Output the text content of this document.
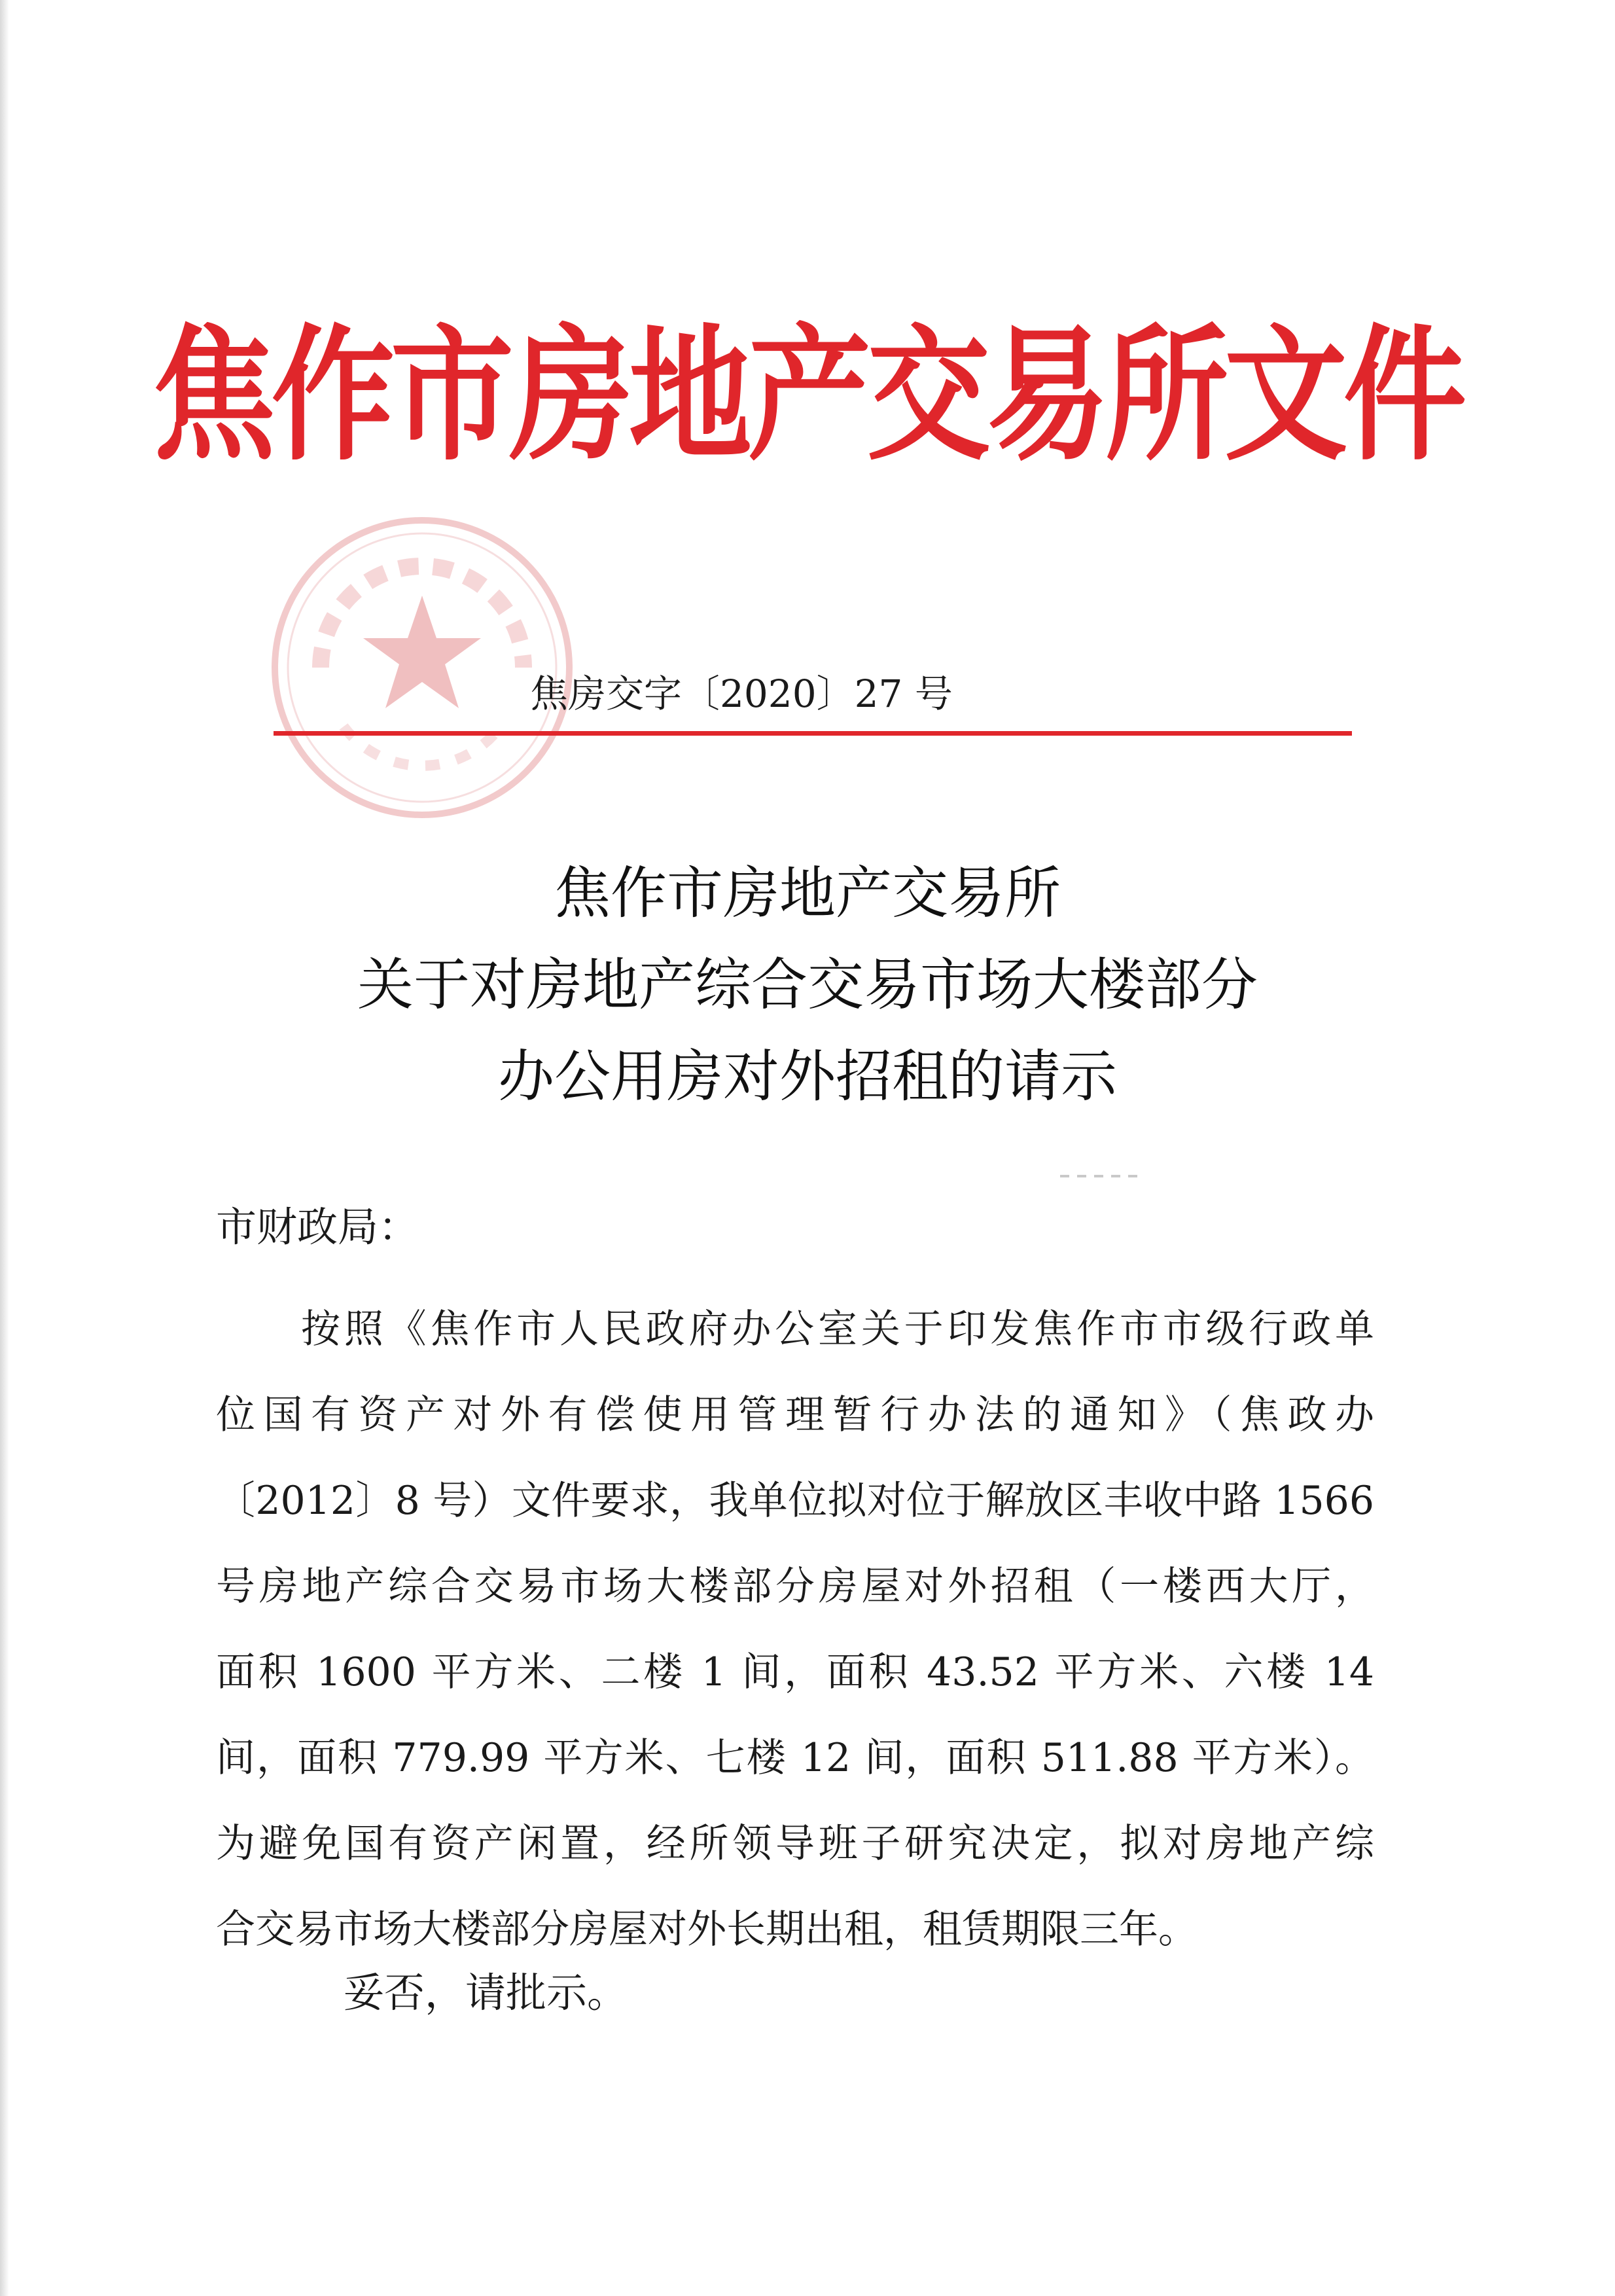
焦作市房地产交易所文件
焦房交字〔2020〕27 号
焦作市房地产交易所
关于对房地产综合交易市场大楼部分
办公用房对外招租的请示
市财政局：
按照《焦作市人民政府办公室关于印发焦作市市级行政单
位国有资产对外有偿使用管理暂行办法的通知》（焦政办
〔2012〕8 号）文件要求，我单位拟对位于解放区丰收中路 1566
号房地产综合交易市场大楼部分房屋对外招租（一楼西大厅，
面积 1600 平方米、二楼 1 间，面积 43.52 平方米、六楼 14
间，面积 779.99 平方米、七楼 12 间，面积 511.88 平方米）。
为避免国有资产闲置，经所领导班子研究决定，拟对房地产综
合交易市场大楼部分房屋对外长期出租，租赁期限三年。
妥否，请批示。
